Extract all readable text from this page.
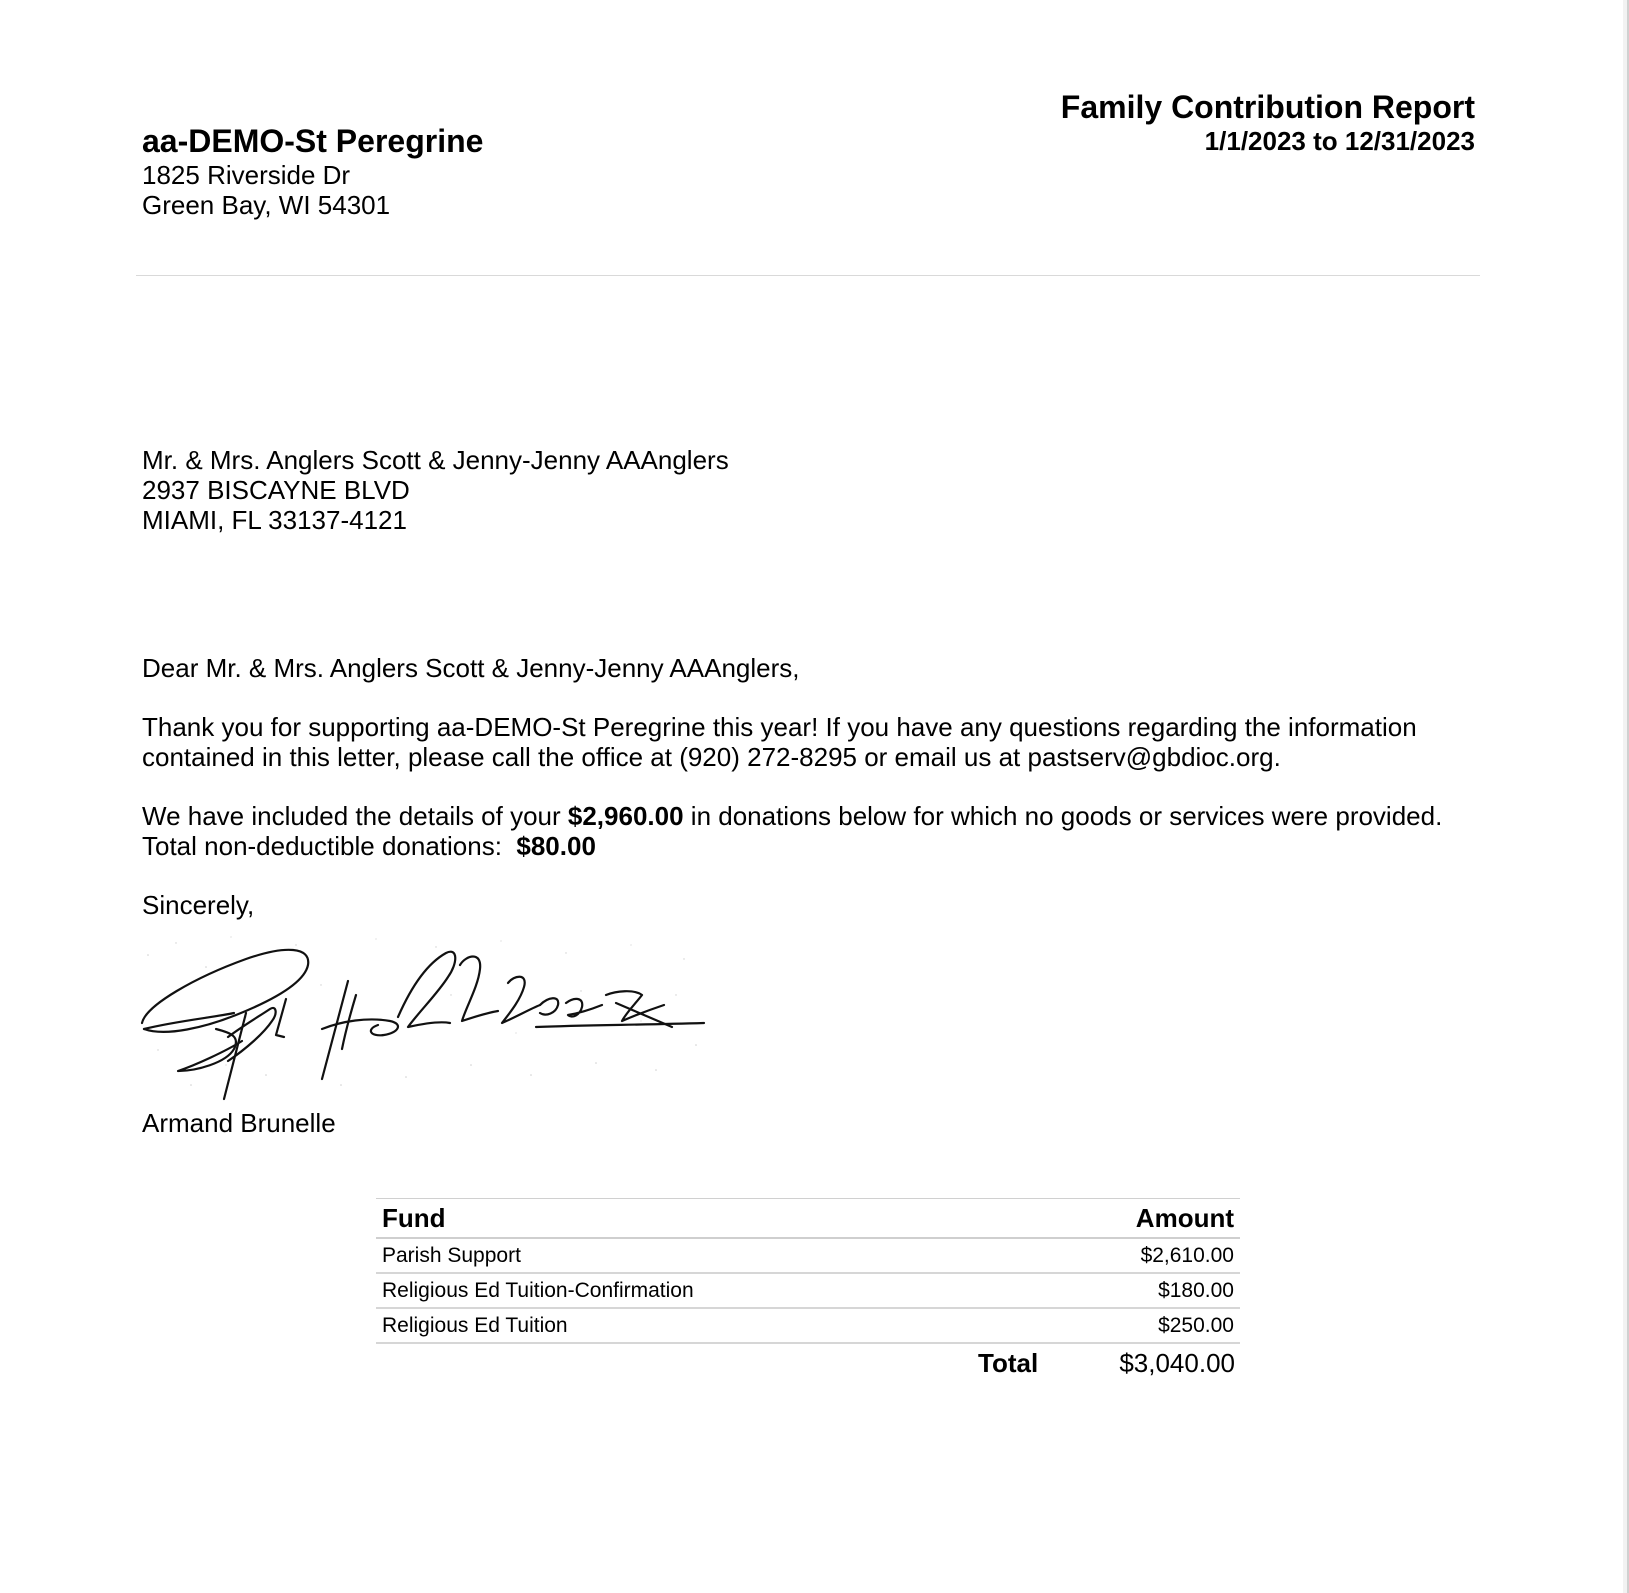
aa-DEMO-St Peregrine
1825 Riverside Dr
Green Bay, WI 54301
Family Contribution Report
1/1/2023 to 12/31/2023
Mr. & Mrs. Anglers Scott & Jenny-Jenny AAAnglers
2937 BISCAYNE BLVD
MIAMI, FL 33137-4121

Dear Mr. & Mrs. Anglers Scott & Jenny-Jenny AAAnglers,

Thank you for supporting aa-DEMO-St Peregrine this year! If you have any questions regarding the information

contained in this letter, please call the office at (920) 272-8295 or email us at pastserv@gbdioc.org.

We have included the details of your $2,960.00 in donations below for which no goods or services were provided.

Total non-deductible donations:  $80.00

Sincerely,

Armand Brunelle
Fund	Amount
Parish Support	$2,610.00
Religious Ed Tuition-Confirmation	$180.00
Religious Ed Tuition	$250.00
Total	$3,040.00
